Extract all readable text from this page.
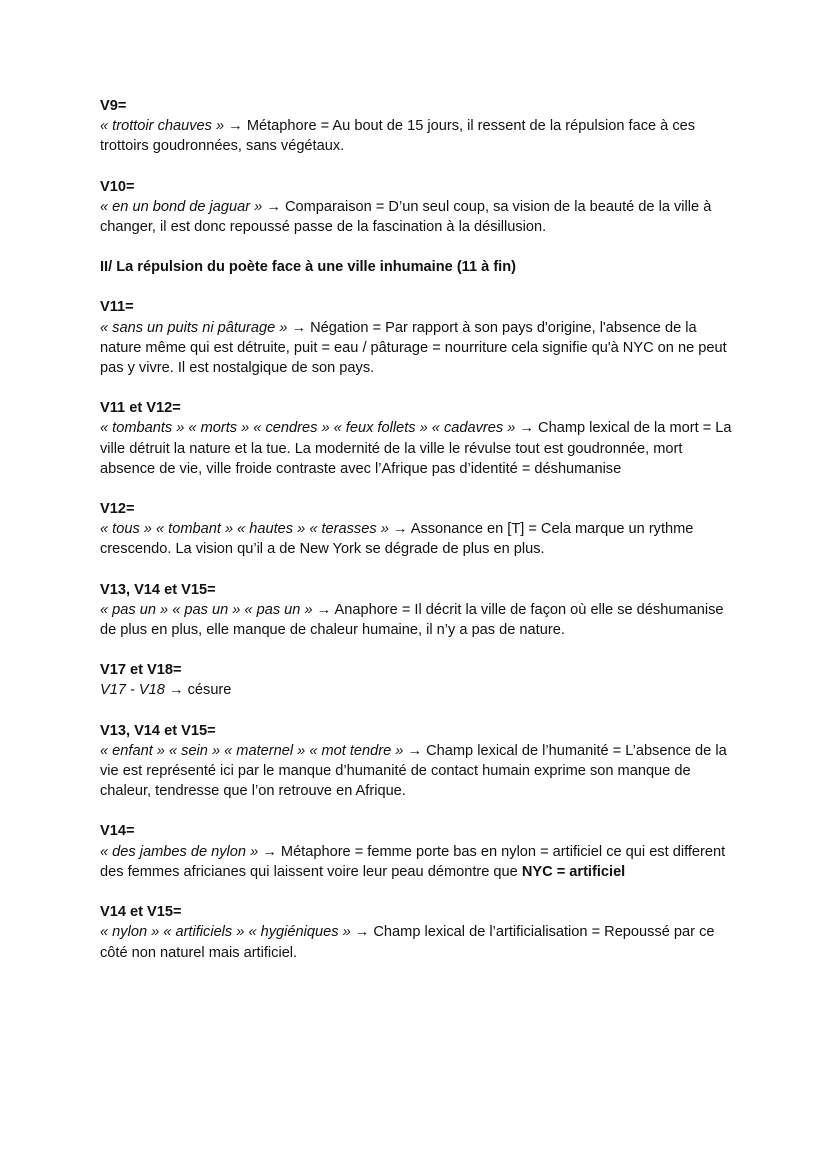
V9=

« trottoir chauves » → Métaphore = Au bout de 15 jours, il ressent de la répulsion face à ces trottoirs goudronnées, sans végétaux.

V10=

« en un bond de jaguar » → Comparaison = D’un seul coup, sa vision de la beauté de la ville à changer, il est donc repoussé passe de la fascination à la désillusion.

II/ La répulsion du poète face à une ville inhumaine (11 à fin)

V11=

« sans un puits ni pâturage » → Négation = Par rapport à son pays d'origine, l'absence de la nature même qui est détruite, puit = eau / pâturage = nourriture cela signifie qu'à NYC on ne peut pas y vivre. Il est nostalgique de son pays.

V11 et V12=

« tombants » « morts » « cendres » « feux follets » « cadavres » → Champ lexical de la mort = La ville détruit la nature et la tue. La modernité de la ville le révulse tout est goudronnée, mort absence de vie, ville froide contraste avec l’Afrique pas d’identité = déshumanise

V12=

« tous » « tombant » « hautes » « terasses » → Assonance en [T] = Cela marque un rythme crescendo. La vision qu’il a de New York se dégrade de plus en plus.

V13, V14 et V15=

« pas un » « pas un » « pas un » → Anaphore = Il décrit la ville de façon où elle se déshumanise de plus en plus, elle manque de chaleur humaine, il n’y a pas de nature.

V17 et V18=

V17 - V18 → césure

V13, V14 et V15=

« enfant » « sein » « maternel » « mot tendre » → Champ lexical de l’humanité = L’absence de la vie est représenté ici par le manque d’humanité de contact humain exprime son manque de chaleur, tendresse que l’on retrouve en Afrique.

V14=

« des jambes de nylon » → Métaphore = femme porte bas en nylon = artificiel ce qui est different des femmes africianes qui laissent voire leur peau démontre que NYC = artificiel

V14 et V15=

« nylon » « artificiels » « hygiéniques » → Champ lexical de l’artificialisation = Repoussé par ce côté non naturel mais artificiel.
